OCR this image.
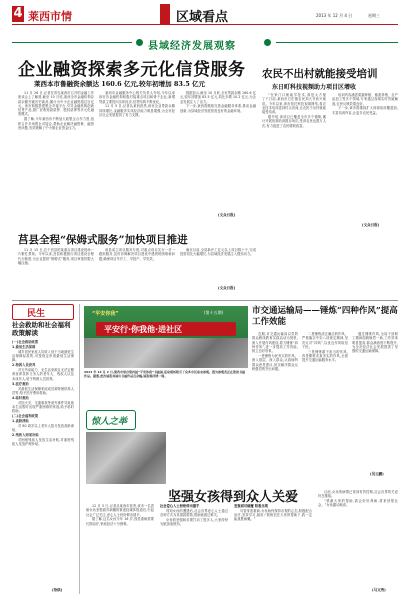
4 莱西市情	区域看点	2013 年 12 月 4 日	星期三
县域经济发展观察
企业融资探索多元化信贷服务
莱西本市鲁融资余额达 160.6 亿元,较年初增加 83.5 亿元

11 月 26 日,记者在青岛莱西市召开的金融工作座谈会上了解到,截至 10 月底,莱西全市金融机构存款余额突破历史新高,累计为中小企业融资超过百亿元。该市积极搭建银企对接平台,引导金融机构创新信贷产品,推广应收账款质押、股权质押等多元化融资模式。

据了解,今年莱西市不断加大政银企合作力度,组织召开多场银企对接会,帮助企业解决融资难、融资贵问题,有效缓解了中小微企业资金压力。

莱西市金融服务中心相关负责人介绍,今年以来该市各金融机构积极对接重点项目和骨干企业,新增贷款主要投向实体经济,信贷结构不断优化。

11 月 5 日,记者从莱西获悉,该市企业贷款余额持续增长,金融服务实体经济能力明显增强,为全市经济社会发展提供了有力支撑。

数据显示,截至 10 月底,全市贷款余额 160.6 亿元,较年初增加 83.5 亿元,同比多增 10.2 亿元,为企业发展注入了活力。

下一步,莱西将继续完善金融服务体系,推动金融创新,为县域经济发展营造良好的金融环境。

(文众日报)
农民不出村就能接受培训
东日町科技视频助力项目区增收

“在家门口就能学技术,真是太方便了!”日前,莱西市日庄镇农民刘大爷高兴地说。今年以来,该市依托科技视频网络,将农业技术培训送到村头田间,让农民不出村就能接受培训。

据介绍,该项目已覆盖全市多个镇街,累计开展视频培训数百场次,受训农民达数万人次,有力促进了农民增收致富。

培训内容涵盖果蔬种植、畜禽养殖、农产品加工等多个领域,专家通过视频实时答疑解惑,农民反映效果良好。

下一步,该市将继续扩大视频培训覆盖面,丰富培训内容,让更多农民受益。

(文众日报)
莒县全程“保姆式服务”加快项目推进

11 月 15 日,位于莒县的某重点项目建设现场一片繁忙景象。今年以来,莒县积极推行项目建设全程代办制度,为企业提供“保姆式”服务,项目审批时限大幅压缩。

该县成立项目服务专班,对重点项目实行一对一跟踪服务,及时协调解决项目建设中遇到的困难和问题,确保项目早开工、早投产、早见效。

截至目前,全县新开工亿元以上项目数十个,完成投资同比大幅增长,为县域经济发展注入强劲动力。

(文众日报)
民生
社会救助和社会福利政策解读

(一)社会救助政策

1.最低生活保障

城乡居民家庭人均收入低于当地最低生活保障标准的,可按规定申请最低生活保障。

2.特困人员供养

对无劳动能力、无生活来源且无法定赡养抚养扶养义务人的老年人、残疾人以及未成年人,给予特困人员供养。

3.医疗救助

对最低生活保障家庭成员和特困供养人员等,给予医疗费用救助。

4.临时救助

对因火灾、交通事故等意外事件导致基本生活暂时出现严重困难的家庭,给予临时救助。

(二)社会福利政策

1.高龄津贴

对 80 周岁以上老年人按月发放高龄津贴。

2.残疾人两项补贴

对困难残疾人发放生活补贴,对重度残疾人发放护理补贴。

(待续)
“平安你我”	(第十五期)
平安行·你我他·进社区
2013 年 12 月 2 日,莱西市举办第四届“平安你我”书画展,活动现场吸引了众多市民前来参观。图为参观者正在欣赏书画作品。据悉,此次展览共展出书画作品百余幅,展览将持续一周。
市交通运输局——锤炼“四种作风”提高工作效能

近期,市交通运输局以党的群众路线教育实践活动为契机,深入开展作风建设,着力锤炼“四种作风”,进一步提高工作效能,树立良好形象。

一是锤炼为民务实的作风。深入基层、深入群众,认真倾听群众意见建议,切实解决群众反映强烈的突出问题。

二是锤炼清正廉洁的作风。严格落实中央八项规定精神,坚决反对“四风”,以优良作风取信于民。

三是锤炼敢于担当的作风,四是锤炼求真务实的作风,全面提升交通运输服务水平。

通过锤炼作风,全局干部职工精神面貌焕然一新,工作效率明显提高,群众满意度不断提升,为全市经济社会发展提供了坚强的交通运输保障。

(吴云鹏)
惊人之举
坚强女孩得到众人关爱

12 月 3 日,记者从莱西市获悉,该市一名患病女孩坚强面对病魔的事迹经媒体报道后,引起社会广泛关注,爱心人士纷纷伸出援手。

据了解,这名女孩今年 16 岁,因患重病需要长期治疗,家庭经济十分困难。

社会爱心人士纷纷伸出援手

得知女孩的遭遇后,社会各界爱心人士通过各种方式为其捐款捐物,帮助她渡过难关。

女孩的坚强和乐观打动了很多人,大家纷纷为她加油鼓劲。

坚强面对病魔 积极乐观

尽管身患重病,女孩始终保持乐观的心态,积极配合治疗,坚持学习,她说:“我相信在大家的帮助下,我一定能战胜病魔。”

目前,女孩的病情已得到有效控制,社会各界的关爱仍在继续。

“感谢大家的帮助,我会好好养病,将来回报社会。”女孩激动地说。

(马文秀)
